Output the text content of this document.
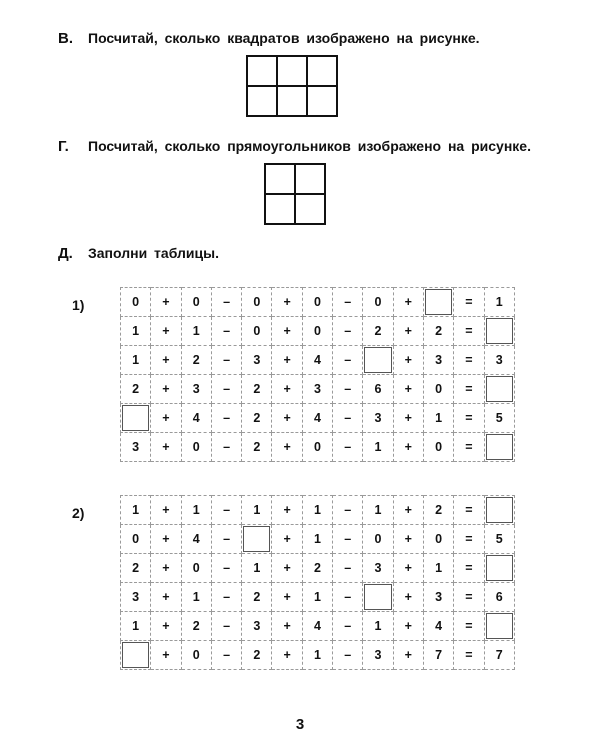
В. Посчитай, сколько квадратов изображено на рисунке.
Г. Посчитай, сколько прямоугольников изображено на рисунке.
Д. Заполни таблицы.
1)	0	+	0	–	0	+	0	–	0	+		=	1
1	+	1	–	0	+	0	–	2	+	2	=	
1	+	2	–	3	+	4	–		+	3	=	3
2	+	3	–	2	+	3	–	6	+	0	=	
	+	4	–	2	+	4	–	3	+	1	=	5
3	+	0	–	2	+	0	–	1	+	0	=	
2)	1	+	1	–	1	+	1	–	1	+	2	=	
0	+	4	–		+	1	–	0	+	0	=	5
2	+	0	–	1	+	2	–	3	+	1	=	
3	+	1	–	2	+	1	–		+	3	=	6
1	+	2	–	3	+	4	–	1	+	4	=	
	+	0	–	2	+	1	–	3	+	7	=	7
3
